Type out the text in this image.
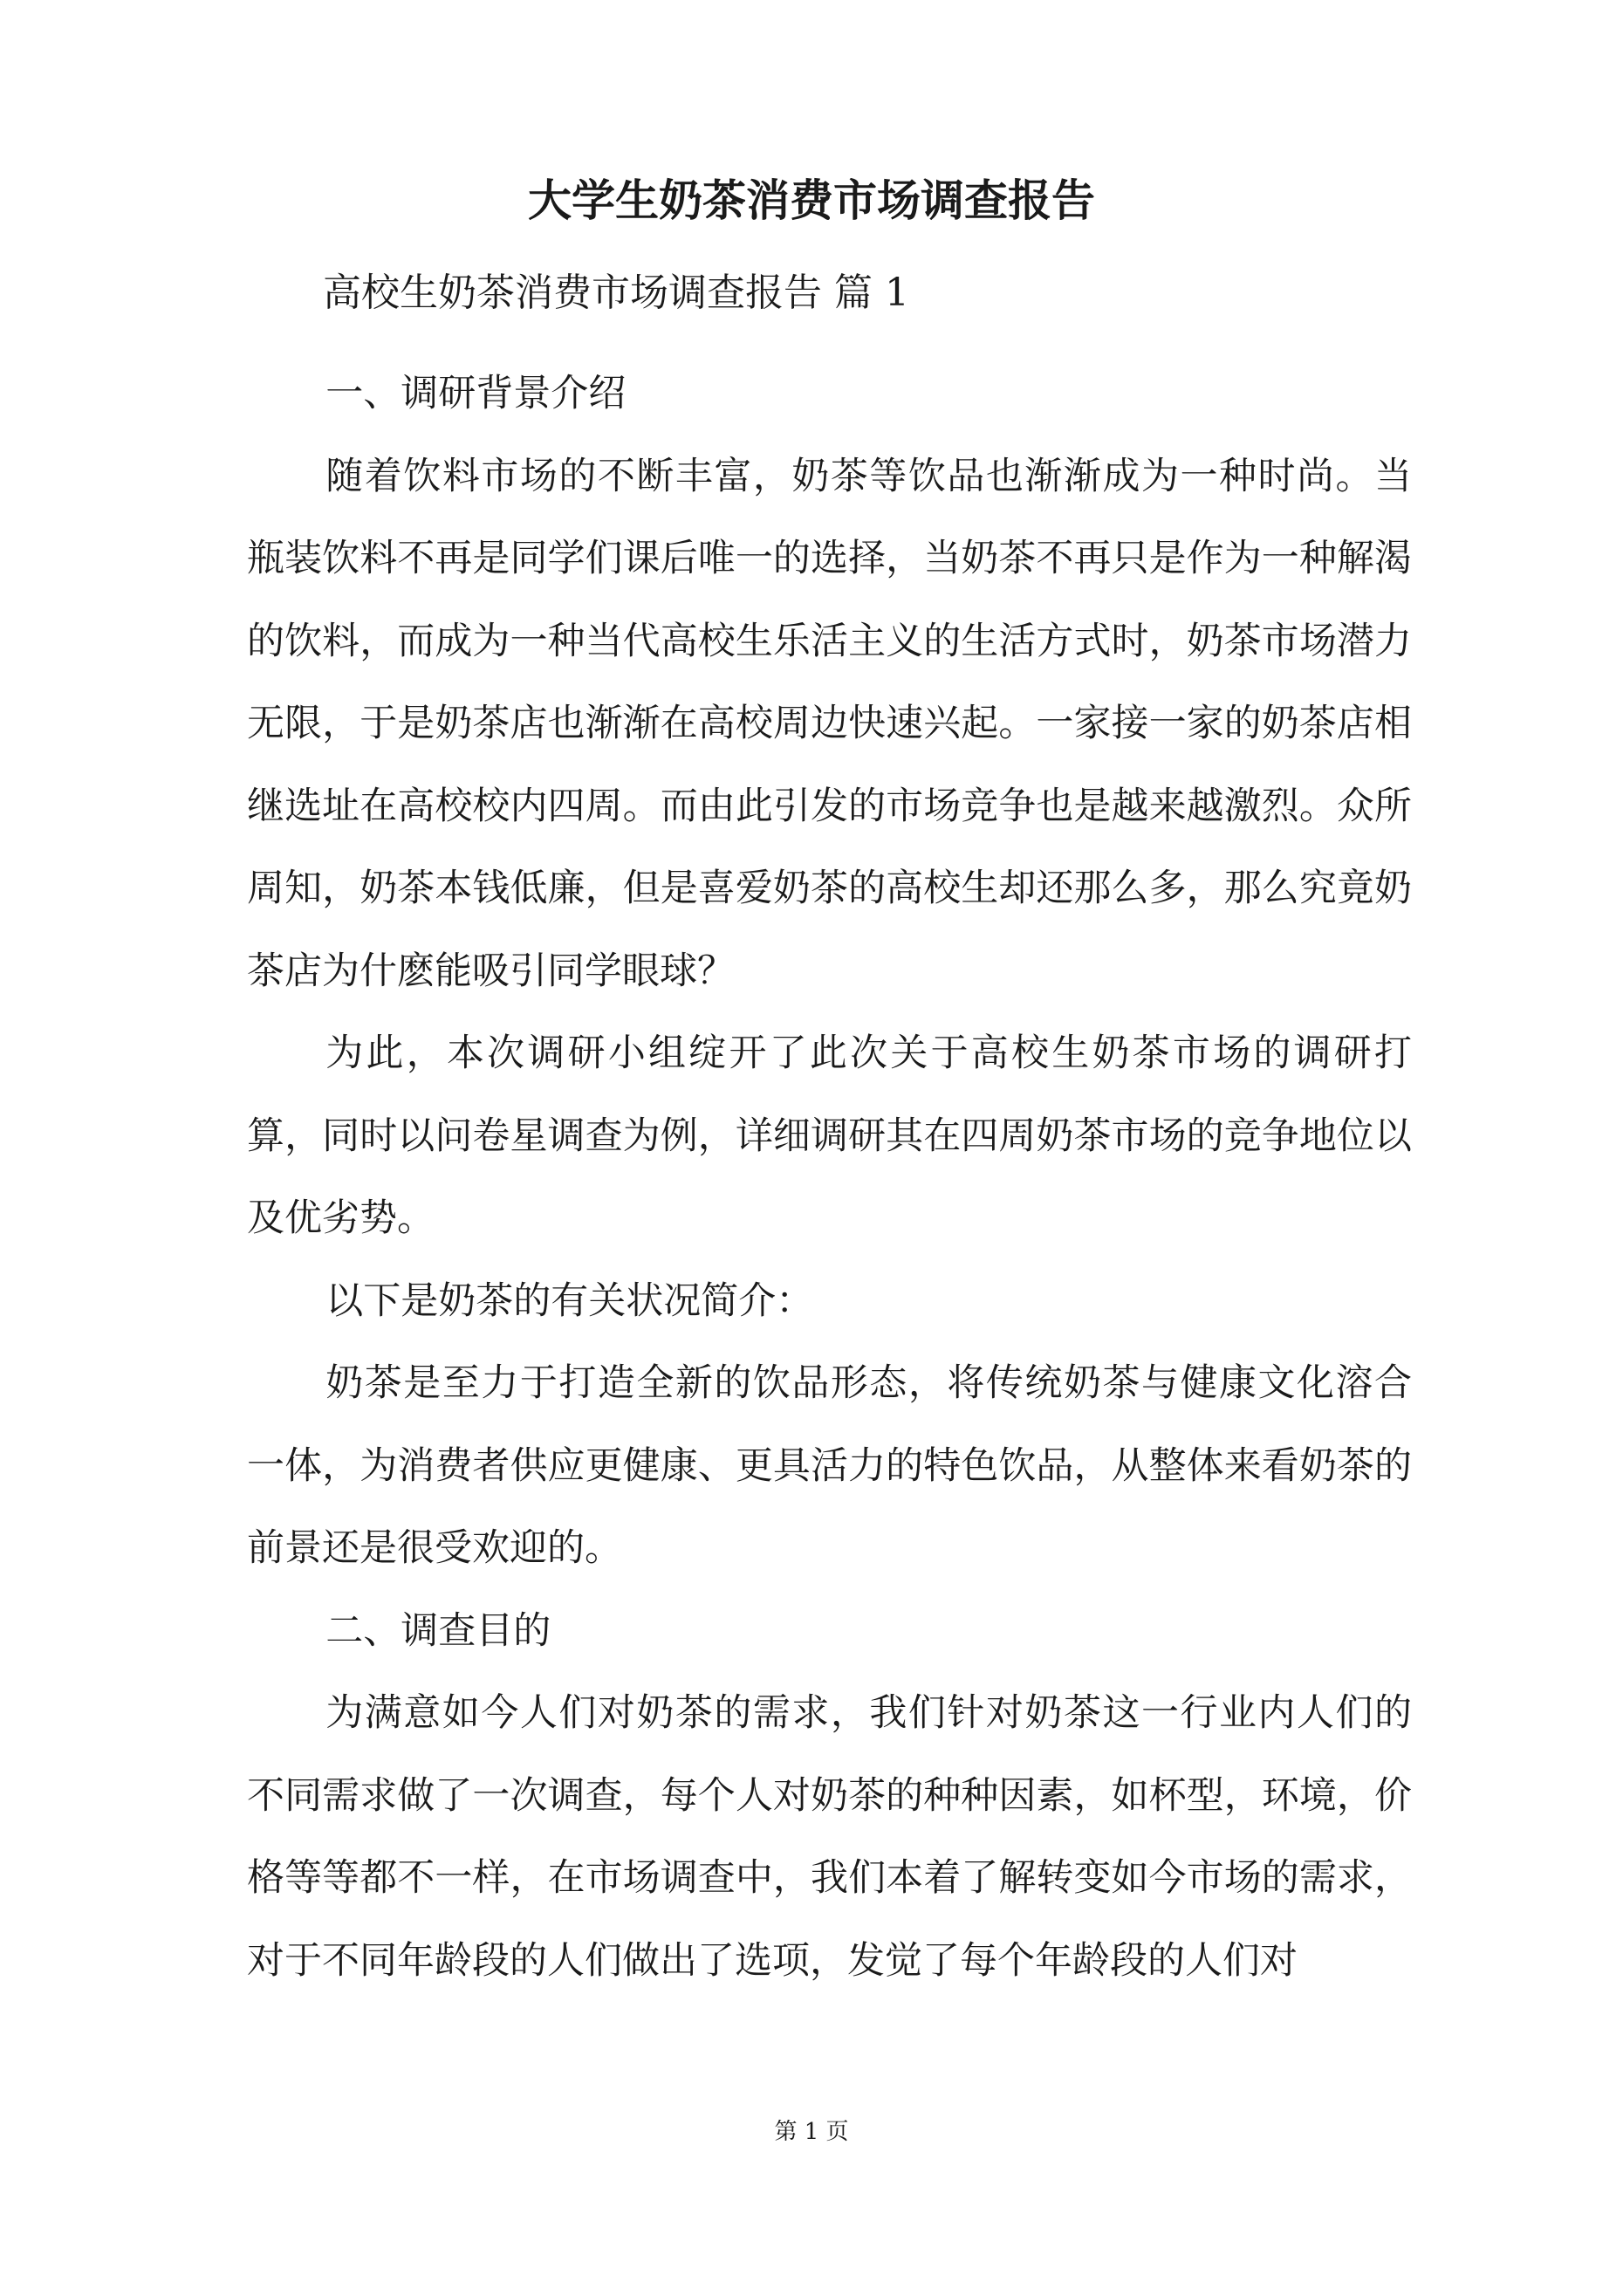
大学生奶茶消费市场调查报告
高校生奶茶消费市场调查报告 篇 1

一、调研背景介绍

随着饮料市场的不断丰富，奶茶等饮品也渐渐成为一种时尚。当瓶装饮料不再是同学们课后唯一的选择，当奶茶不再只是作为一种解渴的饮料，而成为一种当代高校生乐活主义的生活方式时，奶茶市场潜力无限，于是奶茶店也渐渐在高校周边快速兴起。一家接一家的奶茶店相继选址在高校校内四周。而由此引发的市场竞争也是越来越激烈。众所周知，奶茶本钱低廉，但是喜爱奶茶的高校生却还那么多，那么究竟奶茶店为什麽能吸引同学眼球？

为此，本次调研小组绽开了此次关于高校生奶茶市场的调研打算，同时以问卷星调查为例，详细调研其在四周奶茶市场的竞争地位以及优劣势。

以下是奶茶的有关状况简介：

奶茶是至力于打造全新的饮品形态，将传统奶茶与健康文化溶合一体，为消费者供应更健康、更具活力的特色饮品，从整体来看奶茶的前景还是很受欢迎的。

二、调查目的

为满意如今人们对奶茶的需求，我们针对奶茶这一行业内人们的不同需求做了一次调查，每个人对奶茶的种种因素，如杯型，环境，价格等等都不一样，在市场调查中，我们本着了解转变如今市场的需求，对于不同年龄段的人们做出了选项，发觉了每个年龄段的人们对

第 1 页
